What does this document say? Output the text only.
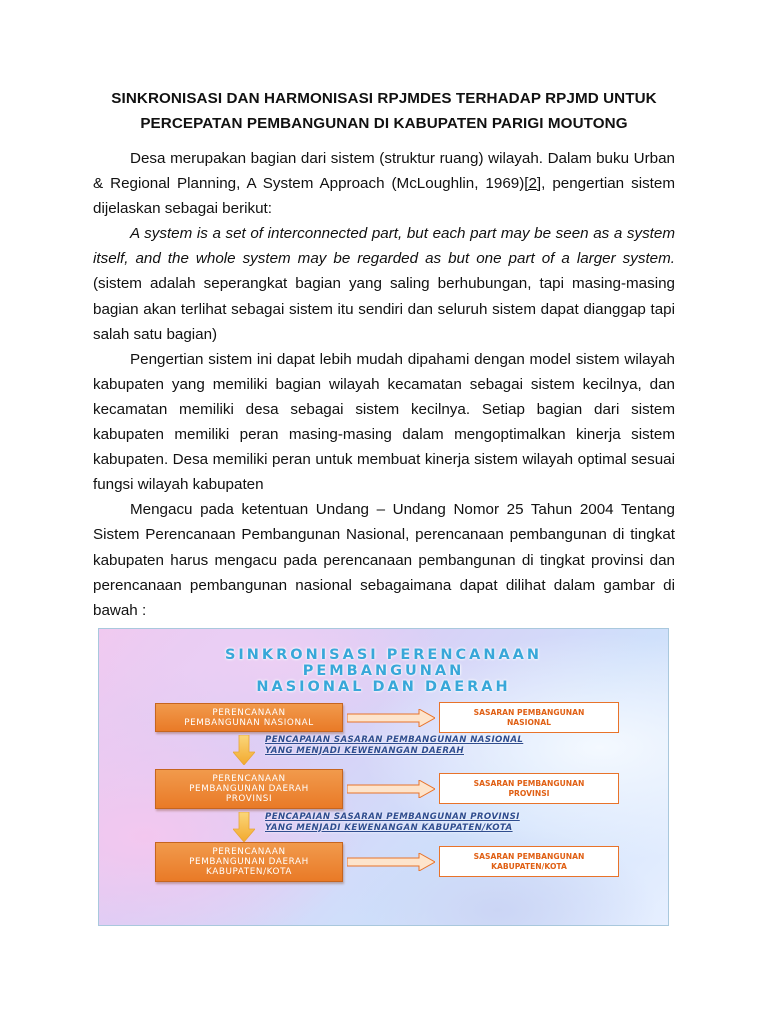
SINKRONISASI DAN HARMONISASI RPJMDES TERHADAP RPJMD UNTUK
PERCEPATAN PEMBANGUNAN DI KABUPATEN PARIGI MOUTONG

Desa merupakan bagian dari sistem (struktur ruang) wilayah. Dalam buku Urban & Regional Planning, A System Approach (McLoughlin, 1969)[2], pengertian sistem dijelaskan sebagai berikut:

A system is a set of interconnected part, but each part may be seen as a system itself, and the whole system may be regarded as but one part of a larger system. (sistem adalah seperangkat bagian yang saling berhubungan, tapi masing-masing bagian akan terlihat sebagai sistem itu sendiri dan seluruh sistem dapat dianggap tapi salah satu bagian)

Pengertian sistem ini dapat lebih mudah dipahami dengan model sistem wilayah kabupaten yang memiliki bagian wilayah kecamatan sebagai sistem kecilnya, dan kecamatan memiliki desa sebagai sistem kecilnya. Setiap bagian dari sistem kabupaten memiliki peran masing-masing dalam mengoptimalkan kinerja sistem kabupaten. Desa memiliki peran untuk membuat kinerja sistem wilayah optimal sesuai fungsi wilayah kabupaten

Mengacu pada ketentuan Undang – Undang Nomor 25 Tahun 2004 Tentang Sistem Perencanaan Pembangunan Nasional, perencanaan pembangunan di tingkat kabupaten harus mengacu pada perencanaan pembangunan di tingkat provinsi dan perencanaan pembangunan nasional sebagaimana dapat dilihat dalam gambar di bawah :

SINKRONISASI PERENCANAAN
PEMBANGUNAN
NASIONAL DAN DAERAH
PERENCANAAN
PEMBANGUNAN NASIONAL
SASARAN PEMBANGUNAN
NASIONAL
PENCAPAIAN SASARAN PEMBANGUNAN NASIONAL
YANG MENJADI KEWENANGAN DAERAH
PERENCANAAN
PEMBANGUNAN DAERAH
PROVINSI
SASARAN PEMBANGUNAN
PROVINSI
PENCAPAIAN SASARAN PEMBANGUNAN PROVINSI
YANG MENJADI KEWENANGAN KABUPATEN/KOTA
PERENCANAAN
PEMBANGUNAN DAERAH
KABUPATEN/KOTA
SASARAN PEMBANGUNAN
KABUPATEN/KOTA
